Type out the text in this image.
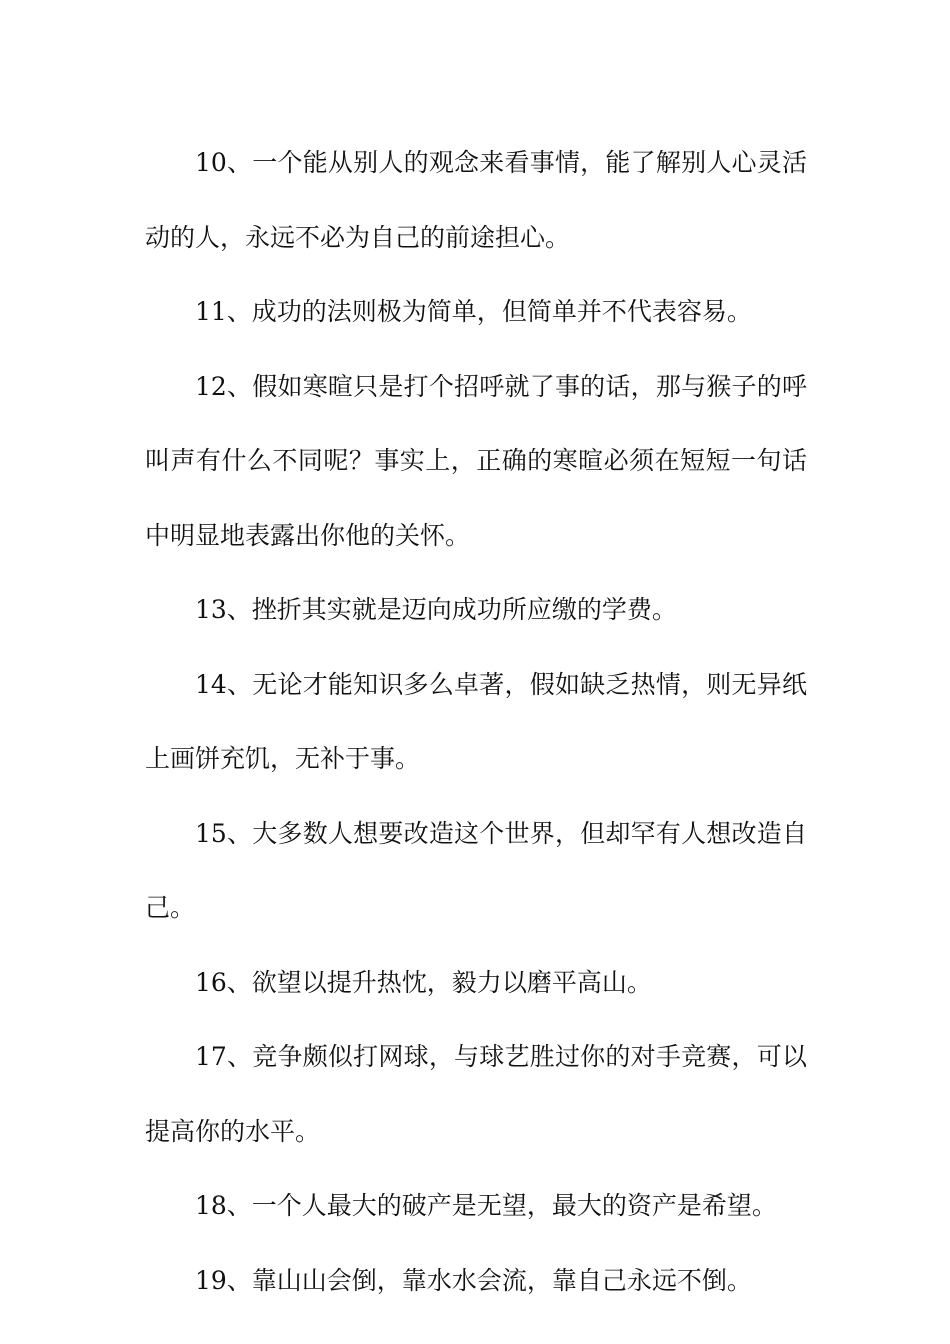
10、一个能从别人的观念来看事情，能了解别人心灵活动的人，永远不必为自己的前途担心。

11、成功的法则极为简单，但简单并不代表容易。

12、假如寒暄只是打个招呼就了事的话，那与猴子的呼叫声有什么不同呢？事实上，正确的寒暄必须在短短一句话中明显地表露出你他的关怀。

13、挫折其实就是迈向成功所应缴的学费。

14、无论才能知识多么卓著，假如缺乏热情，则无异纸上画饼充饥，无补于事。

15、大多数人想要改造这个世界，但却罕有人想改造自己。

16、欲望以提升热忱，毅力以磨平高山。

17、竞争颇似打网球，与球艺胜过你的对手竞赛，可以提高你的水平。

18、一个人最大的破产是无望，最大的资产是希望。

19、靠山山会倒，靠水水会流，靠自己永远不倒。
